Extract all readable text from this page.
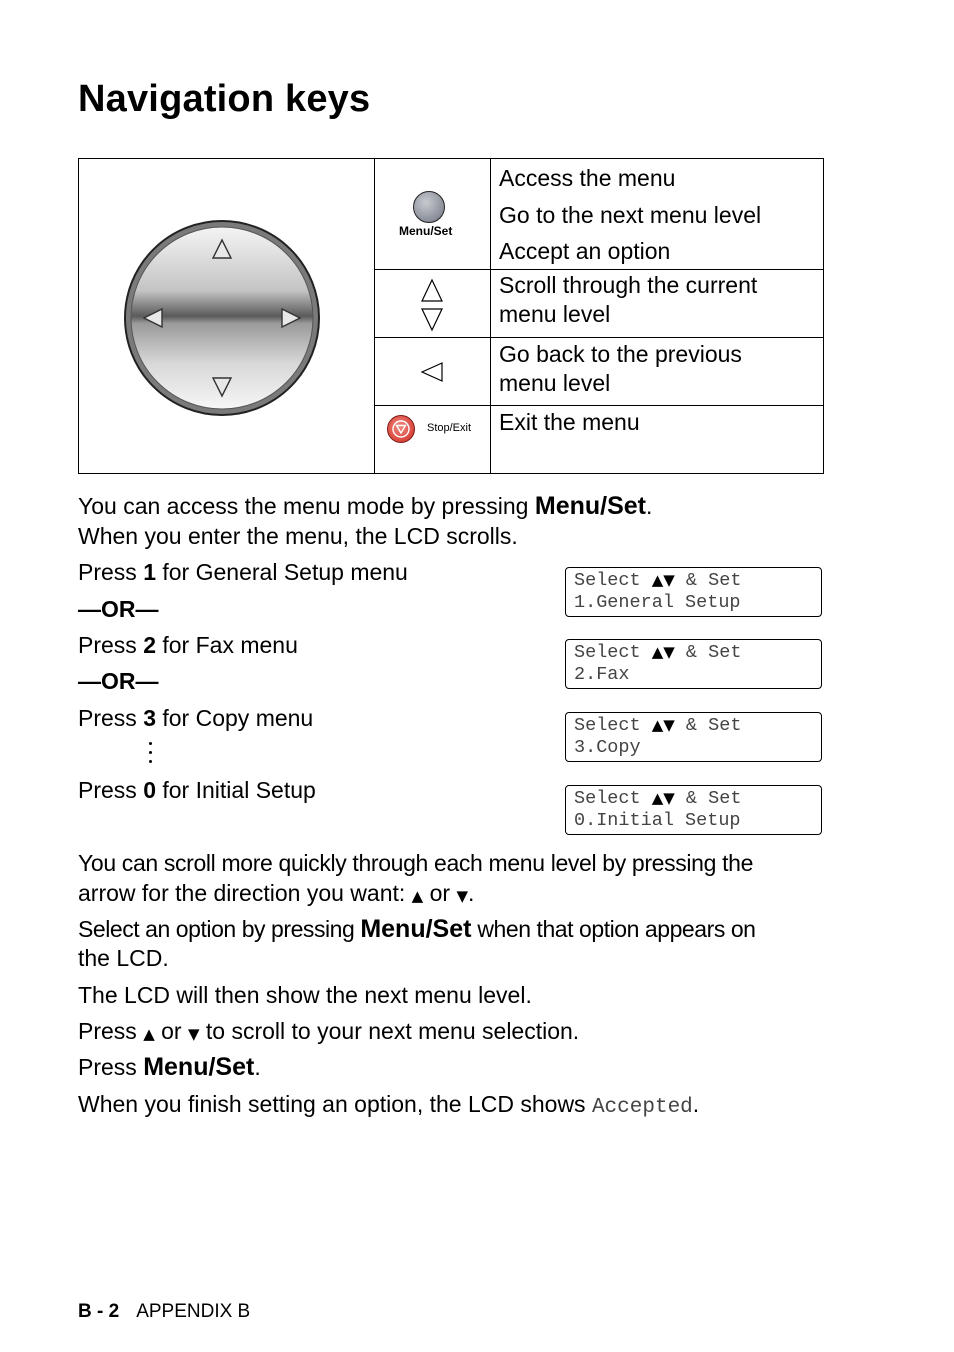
Navigation keys
Menu/Set
Stop/Exit
Access the menu
Go to the next menu level
Accept an option
Scroll through the current
menu level
Go back to the previous
menu level
Exit the menu
You can access the menu mode by pressing Menu/Set.
When you enter the menu, the LCD scrolls.
Press 1 for General Setup menu
—OR—
Press 2 for Fax menu
—OR—
Press 3 for Copy menu
Press 0 for Initial Setup
Select ▲▼ & Set
1.General Setup
Select ▲▼ & Set
2.Fax
Select ▲▼ & Set
3.Copy
Select ▲▼ & Set
0.Initial Setup
You can scroll more quickly through each menu level by pressing the
arrow for the direction you want: ▲ or ▼.
Select an option by pressing Menu/Set when that option appears on
the LCD.
The LCD will then show the next menu level.
Press ▲ or ▼ to scroll to your next menu selection.
Press Menu/Set.
When you finish setting an option, the LCD shows Accepted.
B - 2 APPENDIX B
